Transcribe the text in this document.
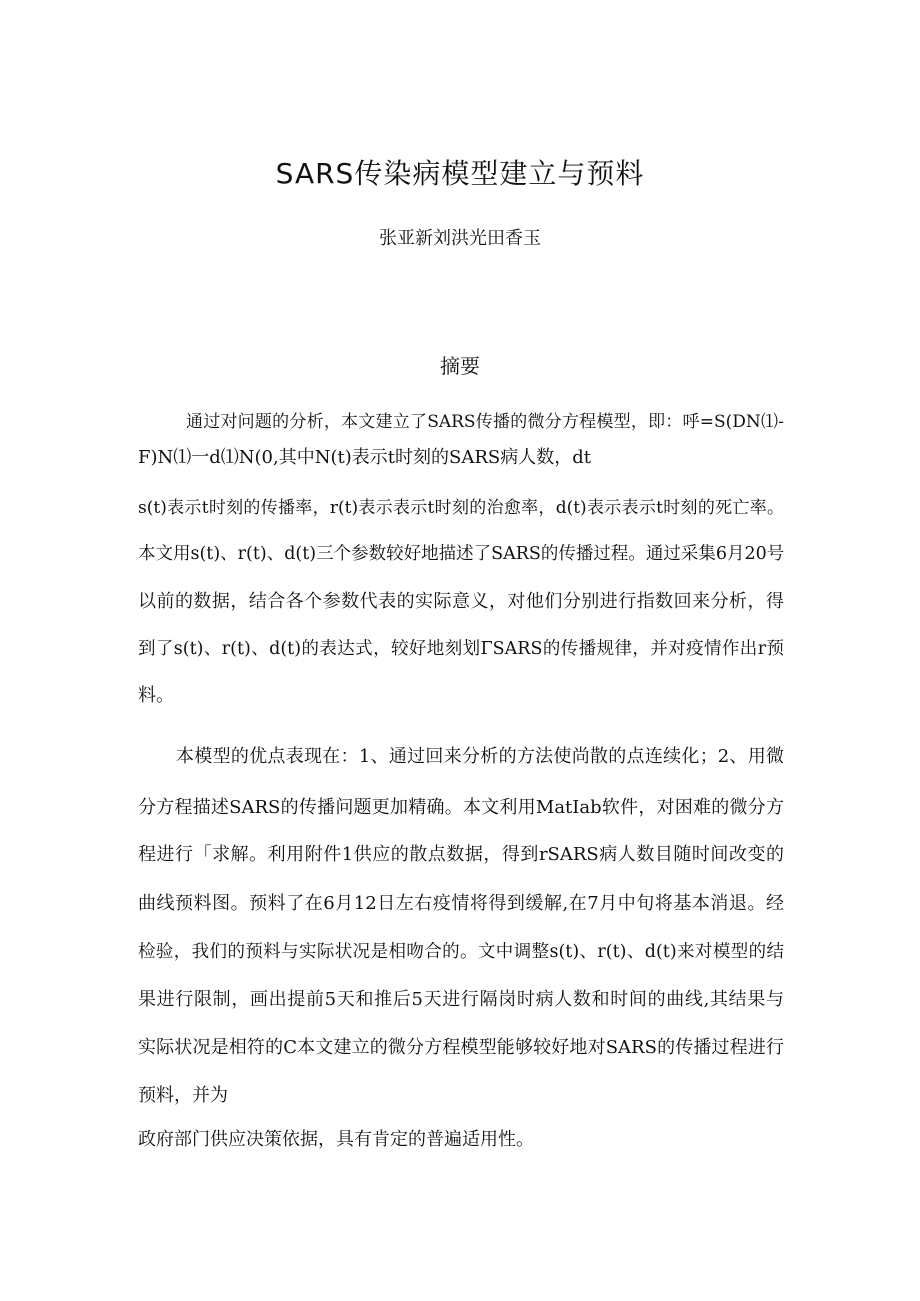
SARS传染病模型建立与预料
张亚新刘洪光田香玉
摘要
通过对问题的分析，本文建立了SARS传播的微分方程模型，即：呼=S(DN⑴-
F)N⑴一d⑴N(0,其中N(t)表示t时刻的SARS病人数，dt
s(t)表示t时刻的传播率，r(t)表示表示t时刻的治愈率，d(t)表示表示t时刻的死亡率。
本文用s(t)、r(t)、d(t)三个参数较好地描述了SARS的传播过程。通过采集6月20号
以前的数据，结合各个参数代表的实际意义，对他们分别进行指数回来分析，得
到了s(t)、r(t)、d(t)的表达式，较好地刻划ΓSARS的传播规律，并对疫情作出r预
料。
本模型的优点表现在：1、通过回来分析的方法使尚散的点连续化；2、用微
分方程描述SARS的传播问题更加精确。本文利用MatIab软件，对困难的微分方
程进行「求解。利用附件1供应的散点数据，得到rSARS病人数目随时间改变的
曲线预料图。预料了在6月12日左右疫情将得到缓解,在7月中旬将基本消退。经
检验，我们的预料与实际状况是相吻合的。文中调整s(t)、r(t)、d(t)来对模型的结
果进行限制，画出提前5天和推后5天进行隔岗时病人数和时间的曲线,其结果与
实际状况是相符的C本文建立的微分方程模型能够较好地对SARS的传播过程进行
预料，并为
政府部门供应决策依据，具有肯定的普遍适用性。
